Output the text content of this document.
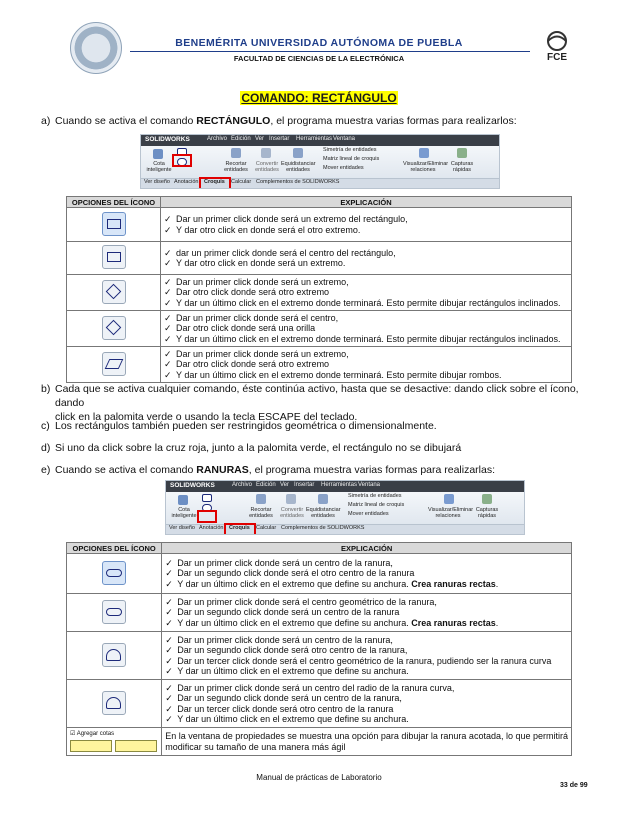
FCE
BENEMÉRITA UNIVERSIDAD AUTÓNOMA DE PUEBLA
FACULTAD DE CIENCIAS DE LA ELECTRÓNICA
COMANDO: RECTÁNGULO
a) Cuando se activa el comando RECTÁNGULO, el programa muestra varias formas para realizarlos:
SOLIDWORKS	Archivo Edición Ver Insertar Herramientas Ventana
Cota inteligente
Recortar entidades
Convertir entidades
Equidistanciar entidades
Simetría de entidades
Matriz lineal de croquis
Mover entidades
Visualizar/Eliminar relaciones
Capturas rápidas
Ver diseño Anotación Croquis Calcular Complementos de SOLIDWORKS
OPCIONES DEL ÍCONO	EXPLICACIÓN

	✓ Dar un primer click donde será un extremo del rectángulo,
✓ Y dar otro click en donde será el otro extremo.

	✓ dar un primer click donde será el centro del rectángulo,
✓ Y dar otro click en donde será un extremo.

	✓ Dar un primer click donde será un extremo,
✓ Dar otro click donde será otro extremo
✓ Y dar un último click en el extremo donde terminará. Esto permite dibujar rectángulos inclinados.

	✓ Dar un primer click donde será el centro,
✓ Dar otro click donde será una orilla
✓ Y dar un último click en el extremo donde terminará. Esto permite dibujar rectángulos inclinados.

	✓ Dar un primer click donde será un extremo,
✓ Dar otro click donde será otro extremo
✓ Y dar un último click en el extremo donde terminará. Esto permite dibujar rombos.
b) Cada que se activa cualquier comando, éste continúa activo, hasta que se desactive: dando click sobre el ícono, dando
click en la palomita verde o usando la tecla ESCAPE del teclado.
c) Los rectángulos también pueden ser restringidos geométrica o dimensionalmente.
d) Si uno da click sobre la cruz roja, junto a la palomita verde, el rectángulo no se dibujará
e) Cuando se activa el comando RANURAS, el programa muestra varias formas para realizarlas:
SOLIDWORKS	Archivo Edición Ver Insertar Herramientas Ventana
Cota inteligente
Recortar entidades
Convertir entidades
Equidistanciar entidades
Simetría de entidades
Matriz lineal de croquis
Mover entidades
Visualizar/Eliminar relaciones
Capturas rápidas
Ver diseño Anotación Croquis Calcular Complementos de SOLIDWORKS
OPCIONES DEL ÍCONO	EXPLICACIÓN

	✓ Dar un primer click donde será un centro de la ranura,
✓ Dar un segundo click donde será el otro centro de la ranura
✓ Y dar un último click en el extremo que define su anchura. Crea ranuras rectas.

	✓ Dar un primer click donde será el centro geométrico de la ranura,
✓ Dar un segundo click donde será un centro de la ranura
✓ Y dar un último click en el extremo que define su anchura. Crea ranuras rectas.

	✓ Dar un primer click donde será un centro de la ranura,
✓ Dar un segundo click donde será otro centro de la ranura,
✓ Dar un tercer click donde será el centro geométrico de la ranura, pudiendo ser la ranura curva
✓ Y dar un último click en el extremo que define su anchura.

	✓ Dar un primer click donde será un centro del radio de la ranura curva,
✓ Dar un segundo click donde será un centro de la ranura,
✓ Dar un tercer click donde será otro centro de la ranura
✓ Y dar un último click en el extremo que define su anchura.

☑ Agregar cotas	En la ventana de propiedades se muestra una opción para dibujar la ranura acotada, lo que permitirá
modificar su tamaño de una manera más ágil
Manual de prácticas de Laboratorio
33 de 99
